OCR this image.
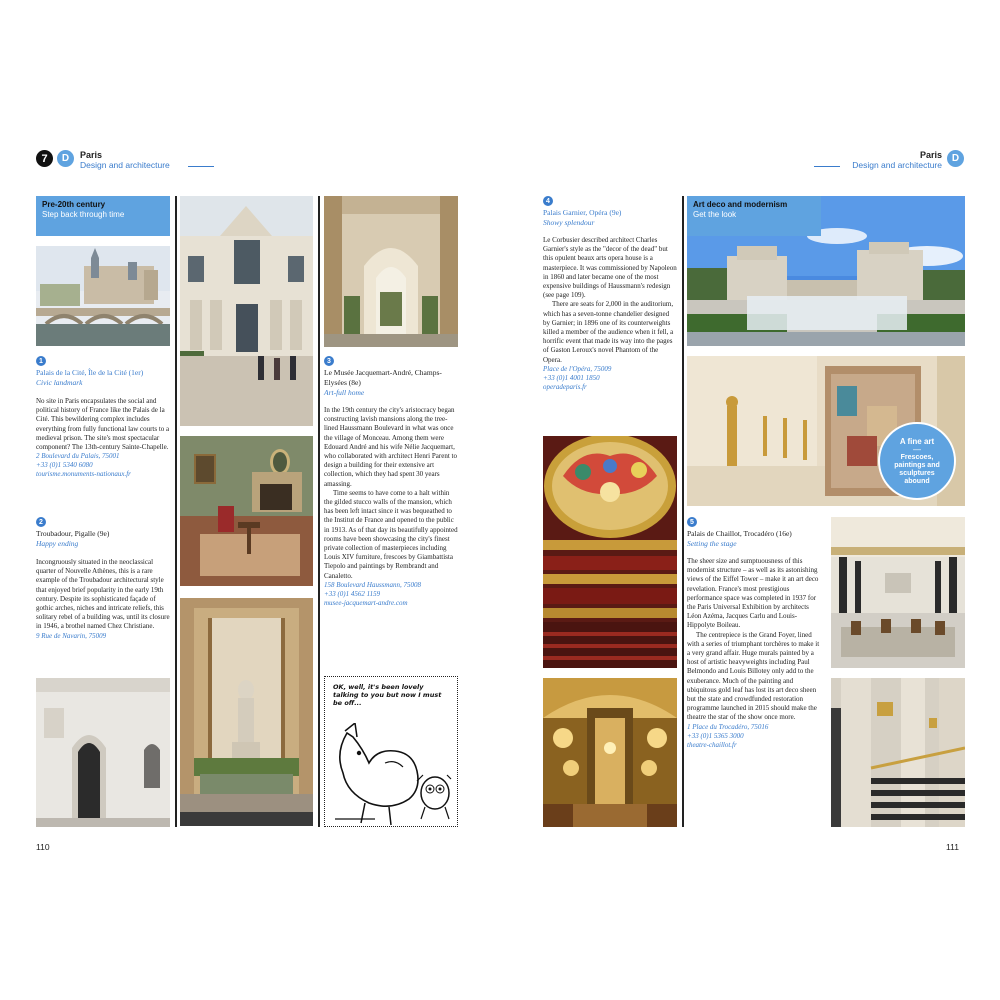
7 D Paris
Design and architecture
Pre-20th century
Step back through time
1
Palais de la Cité, Île de la Cité (1er)
Civic landmark
No site in Paris encapsulates the social and political history of France like the Palais de la Cité. This bewildering complex includes everything from fully functional law courts to a medieval prison. The site's most spectacular component? The 13th-century Sainte-Chapelle.
2 Boulevard du Palais, 75001
+33 (0)1 5340 6080
tourisme.monuments-nationaux.fr
2
Troubadour, Pigalle (9e)
Happy ending
Incongruously situated in the neoclassical quarter of Nouvelle Athènes, this is a rare example of the Troubadour architectural style that enjoyed brief popularity in the early 19th century. Despite its sophisticated façade of gothic arches, niches and intricate reliefs, this solitary rebel of a building was, until its closure in 1946, a brothel named Chez Christiane.
9 Rue de Navarin, 75009
3
Le Musée Jacquemart-André, Champs-Elysées (8e)
Art-full home
In the 19th century the city's aristocracy began constructing lavish mansions along the tree-lined Haussmann Boulevard in what was once the village of Monceau. Among them were Edouard André and his wife Nélie Jacquemart, who collaborated with architect Henri Parent to design a building for their extensive art collection, which they had spent 30 years amassing.
Time seems to have come to a halt within the gilded stucco walls of the mansion, which has been left intact since it was bequeathed to the Institut de France and opened to the public in 1913. As of that day its beautifully appointed rooms have been showcasing the city's finest private collection of masterpieces including Louis XIV furniture, frescoes by Giambattista Tiepolo and paintings by Rembrandt and Canaletto.
158 Boulevard Haussmann, 75008
+33 (0)1 4562 1159
musee-jacquemart-andre.com
OK, well, it's been lovely talking to you but now I must be off...
110
Paris
Design and architecture
D
4
Palais Garnier, Opéra (9e)
Showy splendour
Le Corbusier described architect Charles Garnier's style as the "decor of the dead" but this opulent beaux arts opera house is a masterpiece. It was commissioned by Napoleon in 1860 and later became one of the most expensive buildings of Haussmann's redesign (see page 109).
There are seats for 2,000 in the auditorium, which has a seven-tonne chandelier designed by Garnier; in 1896 one of its counterweights killed a member of the audience when it fell, a horrific event that made its way into the pages of Gaston Leroux's novel Phantom of the Opera.
Place de l'Opéra, 75009
+33 (0)1 4001 1850
operadeparis.fr
Art deco and modernism
Get the look
A fine art
—
Frescoes, paintings and sculptures abound
5
Palais de Chaillot, Trocadéro (16e)
Setting the stage
The sheer size and sumptuousness of this modernist structure – as well as its astonishing views of the Eiffel Tower – make it an art deco revelation. France's most prestigious performance space was completed in 1937 for the Paris Universal Exhibition by architects Léon Azéma, Jacques Carlu and Louis-Hippolyte Boileau.
The centrepiece is the Grand Foyer, lined with a series of triumphant torchères to make it a very grand affair. Huge murals painted by a host of artistic heavyweights including Paul Belmondo and Louis Billotey only add to the exuberance. Much of the painting and ubiquitous gold leaf has lost its art deco sheen but the state and crowdfunded restoration programme launched in 2015 should make the theatre the star of the show once more.
1 Place du Trocadéro, 75016
+33 (0)1 5365 3000
theatre-chaillot.fr
111
